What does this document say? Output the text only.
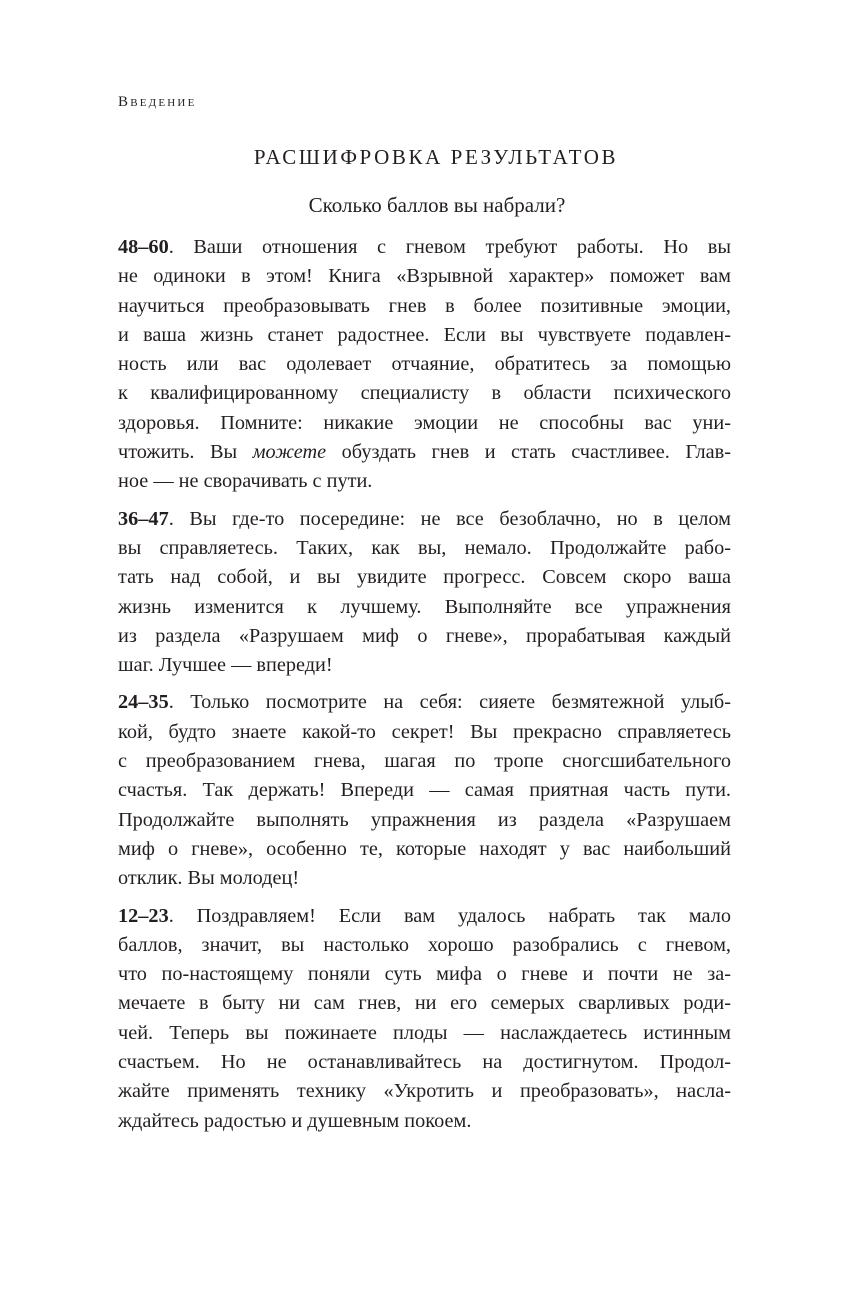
Введение
РАСШИФРОВКА РЕЗУЛЬТАТОВ
Сколько баллов вы набрали?
48–60. Ваши отношения с гневом требуют работы. Но вы
не одиноки в этом! Книга «Взрывной характер» поможет вам
научиться преобразовывать гнев в более позитивные эмоции,
и ваша жизнь станет радостнее. Если вы чувствуете подавлен-
ность или вас одолевает отчаяние, обратитесь за помощью
к квалифицированному специалисту в области психического
здоровья. Помните: никакие эмоции не способны вас уни-
чтожить. Вы можете обуздать гнев и стать счастливее. Глав-
ное — не сворачивать с пути.
36–47. Вы где-то посередине: не все безоблачно, но в целом
вы справляетесь. Таких, как вы, немало. Продолжайте рабо-
тать над собой, и вы увидите прогресс. Совсем скоро ваша
жизнь изменится к лучшему. Выполняйте все упражнения
из раздела «Разрушаем миф о гневе», прорабатывая каждый
шаг. Лучшее — впереди!
24–35. Только посмотрите на себя: сияете безмятежной улыб-
кой, будто знаете какой-то секрет! Вы прекрасно справляетесь
с преобразованием гнева, шагая по тропе сногсшибательного
счастья. Так держать! Впереди — самая приятная часть пути.
Продолжайте выполнять упражнения из раздела «Разрушаем
миф о гневе», особенно те, которые находят у вас наибольший
отклик. Вы молодец!
12–23. Поздравляем! Если вам удалось набрать так мало
баллов, значит, вы настолько хорошо разобрались с гневом,
что по-настоящему поняли суть мифа о гневе и почти не за-
мечаете в быту ни сам гнев, ни его семерых сварливых роди-
чей. Теперь вы пожинаете плоды — наслаждаетесь истинным
счастьем. Но не останавливайтесь на достигнутом. Продол-
жайте применять технику «Укротить и преобразовать», насла-
ждайтесь радостью и душевным покоем.
